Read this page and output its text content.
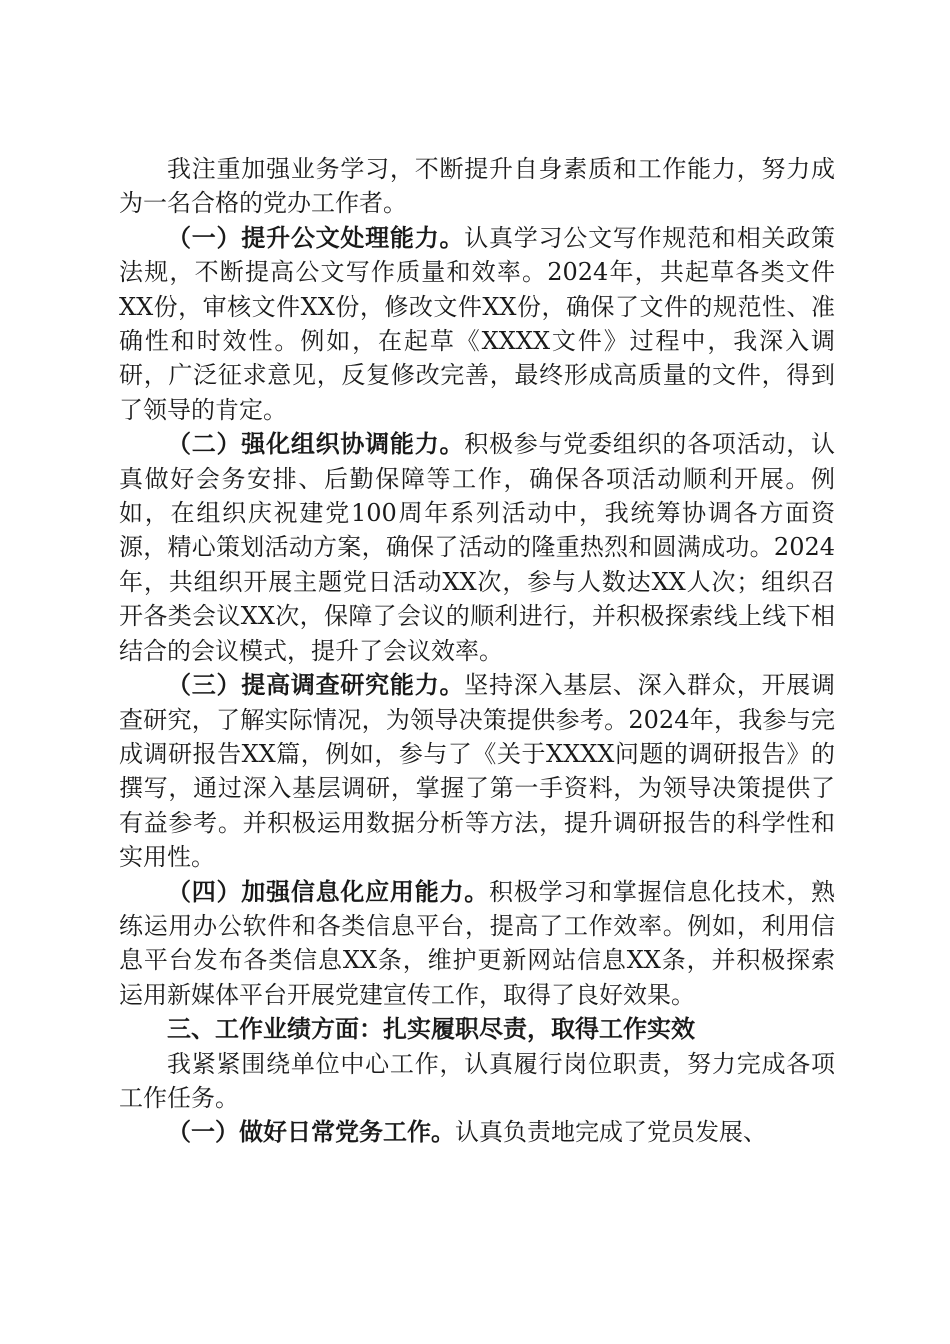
我注重加强业务学习，不断提升自身素质和工作能力，努力成为一名合格的党办工作者。

（一）提升公文处理能力。认真学习公文写作规范和相关政策法规，不断提高公文写作质量和效率。2024年，共起草各类文件XX份，审核文件XX份，修改文件XX份，确保了文件的规范性、准确性和时效性。例如，在起草《XXXX文件》过程中，我深入调研，广泛征求意见，反复修改完善，最终形成高质量的文件，得到了领导的肯定。

（二）强化组织协调能力。积极参与党委组织的各项活动，认真做好会务安排、后勤保障等工作，确保各项活动顺利开展。例如，在组织庆祝建党100周年系列活动中，我统筹协调各方面资源，精心策划活动方案，确保了活动的隆重热烈和圆满成功。2024年，共组织开展主题党日活动XX次，参与人数达XX人次；组织召开各类会议XX次，保障了会议的顺利进行，并积极探索线上线下相结合的会议模式，提升了会议效率。

（三）提高调查研究能力。坚持深入基层、深入群众，开展调查研究，了解实际情况，为领导决策提供参考。2024年，我参与完成调研报告XX篇，例如，参与了《关于XXXX问题的调研报告》的撰写，通过深入基层调研，掌握了第一手资料，为领导决策提供了有益参考。并积极运用数据分析等方法，提升调研报告的科学性和实用性。

（四）加强信息化应用能力。积极学习和掌握信息化技术，熟练运用办公软件和各类信息平台，提高了工作效率。例如，利用信息平台发布各类信息XX条，维护更新网站信息XX条，并积极探索运用新媒体平台开展党建宣传工作，取得了良好效果。

三、工作业绩方面：扎实履职尽责，取得工作实效

我紧紧围绕单位中心工作，认真履行岗位职责，努力完成各项工作任务。

（一）做好日常党务工作。认真负责地完成了党员发展、
